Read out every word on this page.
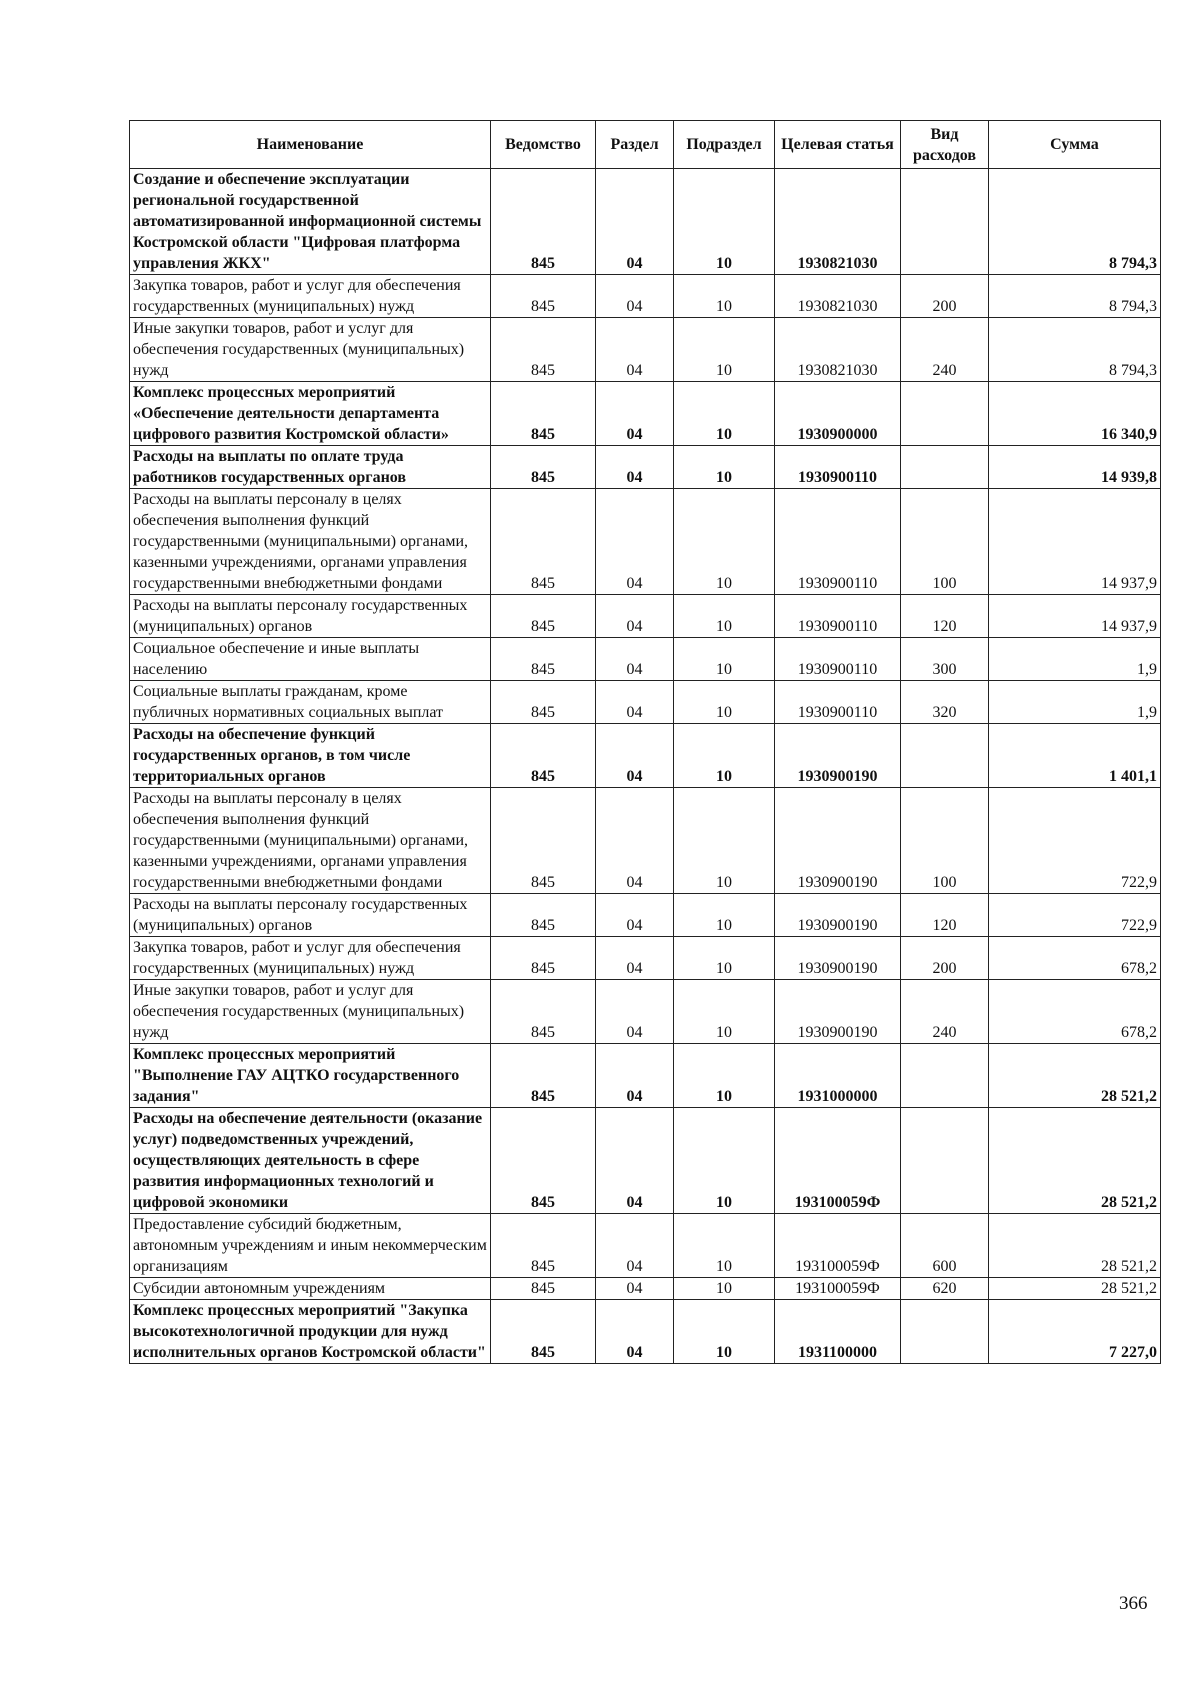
Наименование	Ведомство	Раздел	Подраздел	Целевая статья	Вид расходов	Сумма
Создание и обеспечение эксплуатации региональной государственной автоматизированной информационной системы Костромской области "Цифровая платформа управления ЖКХ"	845	04	10	1930821030		8 794,3
Закупка товаров, работ и услуг для обеспечения государственных (муниципальных) нужд	845	04	10	1930821030	200	8 794,3
Иные закупки товаров, работ и услуг для обеспечения государственных (муниципальных) нужд	845	04	10	1930821030	240	8 794,3
Комплекс процессных мероприятий «Обеспечение деятельности департамента цифрового развития Костромской области»	845	04	10	1930900000		16 340,9
Расходы на выплаты по оплате труда работников государственных органов	845	04	10	1930900110		14 939,8
Расходы на выплаты персоналу в целях обеспечения выполнения функций государственными (муниципальными) органами, казенными учреждениями, органами управления государственными внебюджетными фондами	845	04	10	1930900110	100	14 937,9
Расходы на выплаты персоналу государственных (муниципальных) органов	845	04	10	1930900110	120	14 937,9
Социальное обеспечение и иные выплаты населению	845	04	10	1930900110	300	1,9
Социальные выплаты гражданам, кроме публичных нормативных социальных выплат	845	04	10	1930900110	320	1,9
Расходы на обеспечение функций государственных органов, в том числе территориальных органов	845	04	10	1930900190		1 401,1
Расходы на выплаты персоналу в целях обеспечения выполнения функций государственными (муниципальными) органами, казенными учреждениями, органами управления государственными внебюджетными фондами	845	04	10	1930900190	100	722,9
Расходы на выплаты персоналу государственных (муниципальных) органов	845	04	10	1930900190	120	722,9
Закупка товаров, работ и услуг для обеспечения государственных (муниципальных) нужд	845	04	10	1930900190	200	678,2
Иные закупки товаров, работ и услуг для обеспечения государственных (муниципальных) нужд	845	04	10	1930900190	240	678,2
Комплекс процессных мероприятий "Выполнение ГАУ АЦТКО государственного задания"	845	04	10	1931000000		28 521,2
Расходы на обеспечение деятельности (оказание услуг) подведомственных учреждений, осуществляющих деятельность в сфере развития информационных технологий и цифровой экономики	845	04	10	193100059Ф		28 521,2
Предоставление субсидий бюджетным, автономным учреждениям и иным некоммерческим организациям	845	04	10	193100059Ф	600	28 521,2
Субсидии автономным учреждениям	845	04	10	193100059Ф	620	28 521,2
Комплекс процессных мероприятий "Закупка высокотехнологичной продукции для нужд исполнительных органов Костромской области"	845	04	10	1931100000		7 227,0
366
